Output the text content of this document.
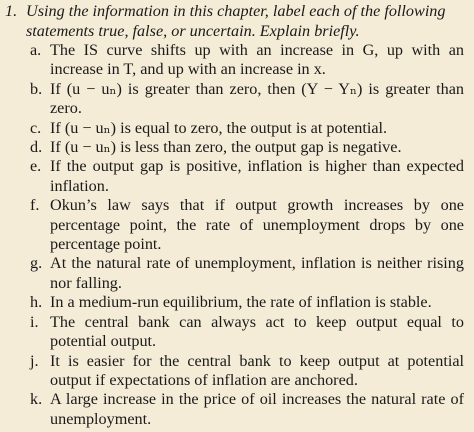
1. Using the information in this chapter, label each of the following statements true, false, or uncertain. Explain briefly.
a. The IS curve shifts up with an increase in G, up with an increase in T, and up with an increase in x.
b. If (u − uₙ) is greater than zero, then (Y − Yₙ) is greater than zero.
c. If (u − uₙ) is equal to zero, the output is at potential.
d. If (u − uₙ) is less than zero, the output gap is negative.
e. If the output gap is positive, inflation is higher than expected inflation.
f. Okun’s law says that if output growth increases by one percentage point, the rate of unemployment drops by one percentage point.
g. At the natural rate of unemployment, inflation is neither rising nor falling.
h. In a medium-run equilibrium, the rate of inflation is stable.
i. The central bank can always act to keep output equal to potential output.
j. It is easier for the central bank to keep output at potential output if expectations of inflation are anchored.
k. A large increase in the price of oil increases the natural rate of unemployment.
